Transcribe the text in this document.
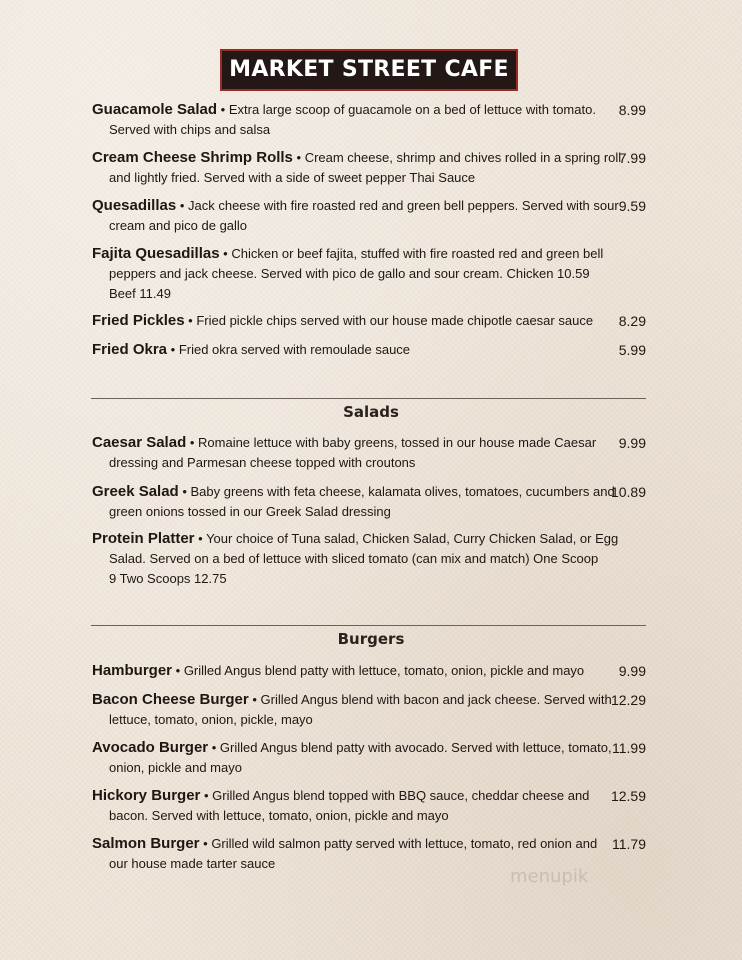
MARKET STREET CAFE
Guacamole Salad • Extra large scoop of guacamole on a bed of lettuce with tomato.
Served with chips and salsa
8.99
Cream Cheese Shrimp Rolls • Cream cheese, shrimp and chives rolled in a spring roll
and lightly fried. Served with a side of sweet pepper Thai Sauce
7.99
Quesadillas • Jack cheese with fire roasted red and green bell peppers. Served with sour
cream and pico de gallo
9.59
Fajita Quesadillas • Chicken or beef fajita, stuffed with fire roasted red and green bell
peppers and jack cheese. Served with pico de gallo and sour cream. Chicken 10.59
Beef 11.49
Fried Pickles • Fried pickle chips served with our house made chipotle caesar sauce	8.29
Fried Okra • Fried okra served with remoulade sauce	5.99
Salads
Caesar Salad • Romaine lettuce with baby greens, tossed in our house made Caesar
dressing and Parmesan cheese topped with croutons
9.99
Greek Salad • Baby greens with feta cheese, kalamata olives, tomatoes, cucumbers and
green onions tossed in our Greek Salad dressing
10.89
Protein Platter • Your choice of Tuna salad, Chicken Salad, Curry Chicken Salad, or Egg
Salad. Served on a bed of lettuce with sliced tomato (can mix and match) One Scoop
9 Two Scoops 12.75
Burgers
Hamburger • Grilled Angus blend patty with lettuce, tomato, onion, pickle and mayo	9.99
Bacon Cheese Burger • Grilled Angus blend with bacon and jack cheese. Served with
lettuce, tomato, onion, pickle, mayo
12.29
Avocado Burger • Grilled Angus blend patty with avocado. Served with lettuce, tomato,
onion, pickle and mayo
11.99
Hickory Burger • Grilled Angus blend topped with BBQ sauce, cheddar cheese and
bacon. Served with lettuce, tomato, onion, pickle and mayo
12.59
Salmon Burger • Grilled wild salmon patty served with lettuce, tomato, red onion and
our house made tarter sauce
11.79
menupik
